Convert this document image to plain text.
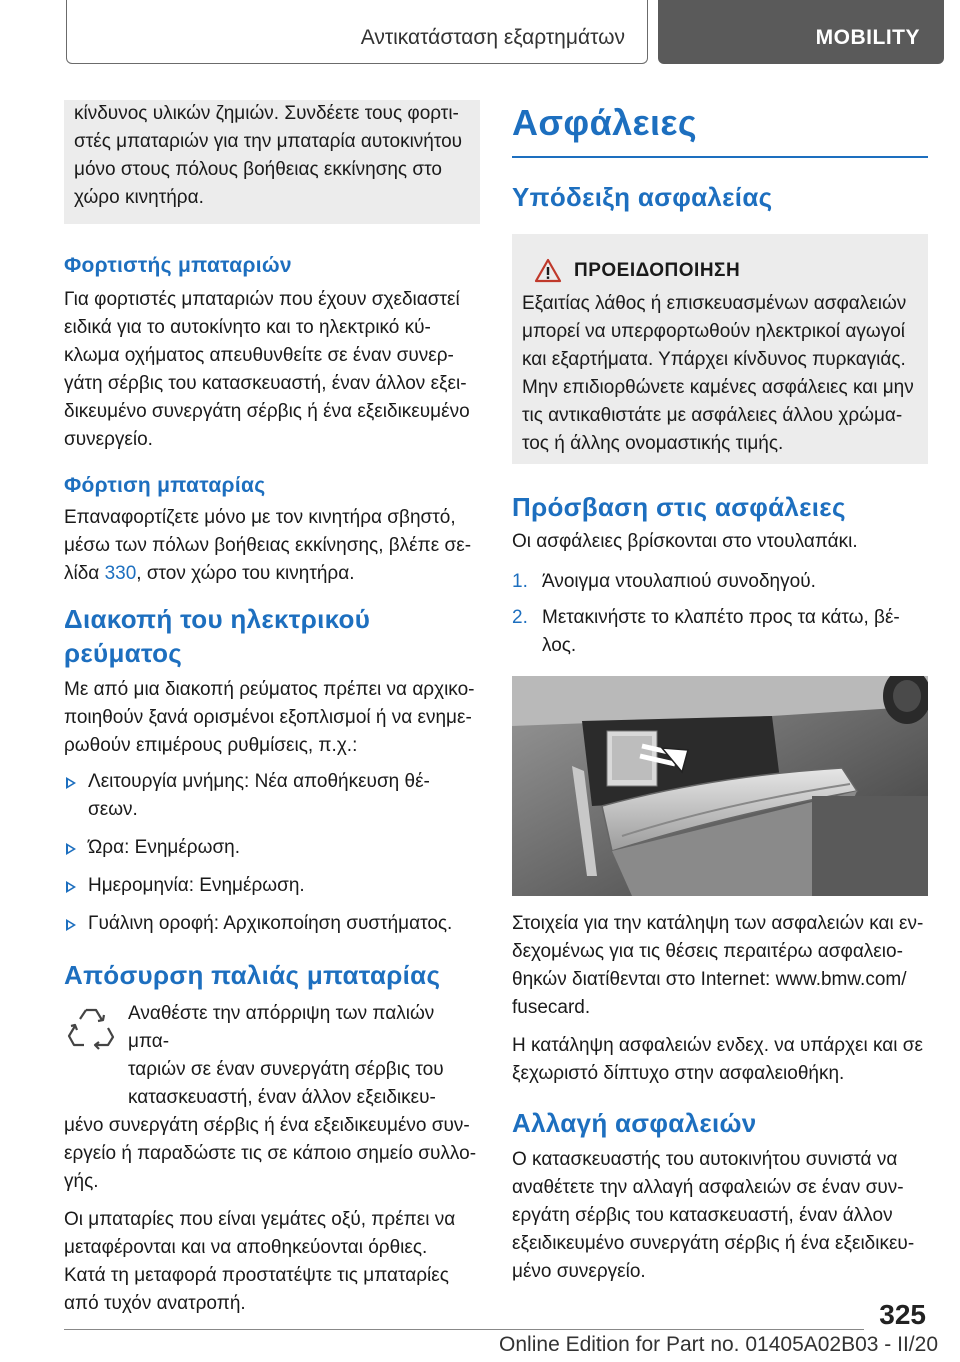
Αντικατάσταση εξαρτημάτων	MOBILITY

κίνδυνος υλικών ζημιών. Συνδέετε τους φορτι-

στές μπαταριών για την μπαταρία αυτοκινήτου

μόνο στους πόλους βοήθειας εκκίνησης στο

χώρο κινητήρα.

Φορτιστής μπαταριών

Για φορτιστές μπαταριών που έχουν σχεδιαστεί

ειδικά για το αυτοκίνητο και το ηλεκτρικό κύ-

κλωμα οχήματος απευθυνθείτε σε έναν συνερ-

γάτη σέρβις του κατασκευαστή, έναν άλλον εξει-

δικευμένο συνεργάτη σέρβις ή ένα εξειδικευμένο

συνεργείο.

Φόρτιση μπαταρίας

Επαναφορτίζετε μόνο με τον κινητήρα σβηστό,

μέσω των πόλων βοήθειας εκκίνησης, βλέπε σε-

λίδα 330, στον χώρο του κινητήρα.

Διακοπή του ηλεκτρικού
ρεύματος

Με από μια διακοπή ρεύματος πρέπει να αρχικο-

ποιηθούν ξανά ορισμένοι εξοπλισμοί ή να ενημε-

ρωθούν επιμέρους ρυθμίσεις, π.χ.:

Λειτουργία μνήμης: Νέα αποθήκευση θέ-
σεων.
Ώρα: Ενημέρωση.
Ημερομηνία: Ενημέρωση.
Γυάλινη οροφή: Αρχικοποίηση συστήματος.
Απόσυρση παλιάς μπαταρίας

Αναθέστε την απόρριψη των παλιών μπα-

ταριών σε έναν συνεργάτη σέρβις του

κατασκευαστή, έναν άλλον εξειδικευ-

μένο συνεργάτη σέρβις ή ένα εξειδικευμένο συν-

εργείο ή παραδώστε τις σε κάποιο σημείο συλλο-

γής.

Οι μπαταρίες που είναι γεμάτες οξύ, πρέπει να

μεταφέρονται και να αποθηκεύονται όρθιες.

Κατά τη μεταφορά προστατέψτε τις μπαταρίες

από τυχόν ανατροπή.

Ασφάλειες
Υπόδειξη ασφαλείας
ΠΡΟΕΙΔΟΠΟΙΗΣΗ

Εξαιτίας λάθος ή επισκευασμένων ασφαλειών

μπορεί να υπερφορτωθούν ηλεκτρικοί αγωγοί

και εξαρτήματα. Υπάρχει κίνδυνος πυρκαγιάς.

Μην επιδιορθώνετε καμένες ασφάλειες και μην

τις αντικαθιστάτε με ασφάλειες άλλου χρώμα-

τος ή άλλης ονομαστικής τιμής.

Πρόσβαση στις ασφάλειες

Οι ασφάλειες βρίσκονται στο ντουλαπάκι.

1. Άνοιγμα ντουλαπιού συνοδηγού.
2. Μετακινήστε το κλαπέτο προς τα κάτω, βέ-
λος.

Στοιχεία για την κατάληψη των ασφαλειών και εν-

δεχομένως για τις θέσεις περαιτέρω ασφαλειο-

θηκών διατίθενται στο Internet: www.bmw.com/

fusecard.

Η κατάληψη ασφαλειών ενδεχ. να υπάρχει και σε

ξεχωριστό δίπτυχο στην ασφαλειοθήκη.

Αλλαγή ασφαλειών

Ο κατασκευαστής του αυτοκινήτου συνιστά να

αναθέτετε την αλλαγή ασφαλειών σε έναν συν-

εργάτη σέρβις του κατασκευαστή, έναν άλλον

εξειδικευμένο συνεργάτη σέρβις ή ένα εξειδικευ-

μένο συνεργείο.

325
Online Edition for Part no. 01405A02B03 - II/20
